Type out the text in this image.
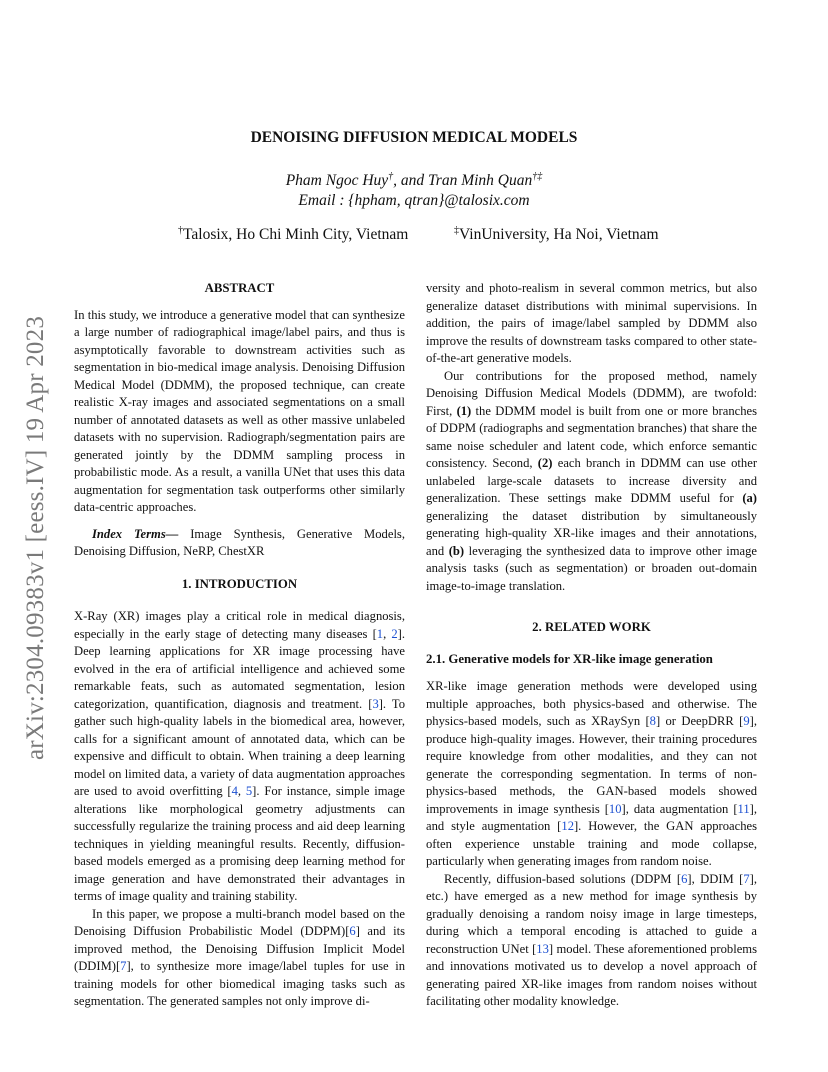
arXiv:2304.09383v1 [eess.IV] 19 Apr 2023
DENOISING DIFFUSION MEDICAL MODELS
Pham Ngoc Huy†, and Tran Minh Quan†‡
Email : {hpham, qtran}@talosix.com
†Talosix, Ho Chi Minh City, Vietnam	‡VinUniversity, Ha Noi, Vietnam
ABSTRACT

In this study, we introduce a generative model that can synthesize a large number of radiographical image/label pairs, and thus is asymptotically favorable to downstream activities such as segmentation in bio-medical image analysis. Denoising Diffusion Medical Model (DDMM), the proposed technique, can create realistic X-ray images and associated segmentations on a small number of annotated datasets as well as other massive unlabeled datasets with no supervision. Radiograph/segmentation pairs are generated jointly by the DDMM sampling process in probabilistic mode. As a result, a vanilla UNet that uses this data augmentation for segmentation task outperforms other similarly data-centric approaches.

Index Terms— Image Synthesis, Generative Models, Denoising Diffusion, NeRP, ChestXR

1. INTRODUCTION

X-Ray (XR) images play a critical role in medical diagnosis, especially in the early stage of detecting many diseases [1, 2]. Deep learning applications for XR image processing have evolved in the era of artificial intelligence and achieved some remarkable feats, such as automated segmentation, lesion categorization, quantification, diagnosis and treatment. [3]. To gather such high-quality labels in the biomedical area, however, calls for a significant amount of annotated data, which can be expensive and difficult to obtain. When training a deep learning model on limited data, a variety of data augmentation approaches are used to avoid overfitting [4, 5]. For instance, simple image alterations like morphological geometry adjustments can successfully regularize the training process and aid deep learning techniques in yielding meaningful results. Recently, diffusion-based models emerged as a promising deep learning method for image generation and have demonstrated their advantages in terms of image quality and training stability.

In this paper, we propose a multi-branch model based on the Denoising Diffusion Probabilistic Model (DDPM)[6] and its improved method, the Denoising Diffusion Implicit Model (DDIM)[7], to synthesize more image/label tuples for use in training models for other biomedical imaging tasks such as segmentation. The generated samples not only improve di-

versity and photo-realism in several common metrics, but also generalize dataset distributions with minimal supervisions. In addition, the pairs of image/label sampled by DDMM also improve the results of downstream tasks compared to other state-of-the-art generative models.

Our contributions for the proposed method, namely Denoising Diffusion Medical Models (DDMM), are twofold: First, (1) the DDMM model is built from one or more branches of DDPM (radiographs and segmentation branches) that share the same noise scheduler and latent code, which enforce semantic consistency. Second, (2) each branch in DDMM can use other unlabeled large-scale datasets to increase diversity and generalization. These settings make DDMM useful for (a) generalizing the dataset distribution by simultaneously generating high-quality XR-like images and their annotations, and (b) leveraging the synthesized data to improve other image analysis tasks (such as segmentation) or broaden out-domain image-to-image translation.

2. RELATED WORK
2.1. Generative models for XR-like image generation

XR-like image generation methods were developed using multiple approaches, both physics-based and otherwise. The physics-based models, such as XRaySyn [8] or DeepDRR [9], produce high-quality images. However, their training procedures require knowledge from other modalities, and they can not generate the corresponding segmentation. In terms of non-physics-based methods, the GAN-based models showed improvements in image synthesis [10], data augmentation [11], and style augmentation [12]. However, the GAN approaches often experience unstable training and mode collapse, particularly when generating images from random noise.

Recently, diffusion-based solutions (DDPM [6], DDIM [7], etc.) have emerged as a new method for image synthesis by gradually denoising a random noisy image in large timesteps, during which a temporal encoding is attached to guide a reconstruction UNet [13] model. These aforementioned problems and innovations motivated us to develop a novel approach of generating paired XR-like images from random noises without facilitating other modality knowledge.
